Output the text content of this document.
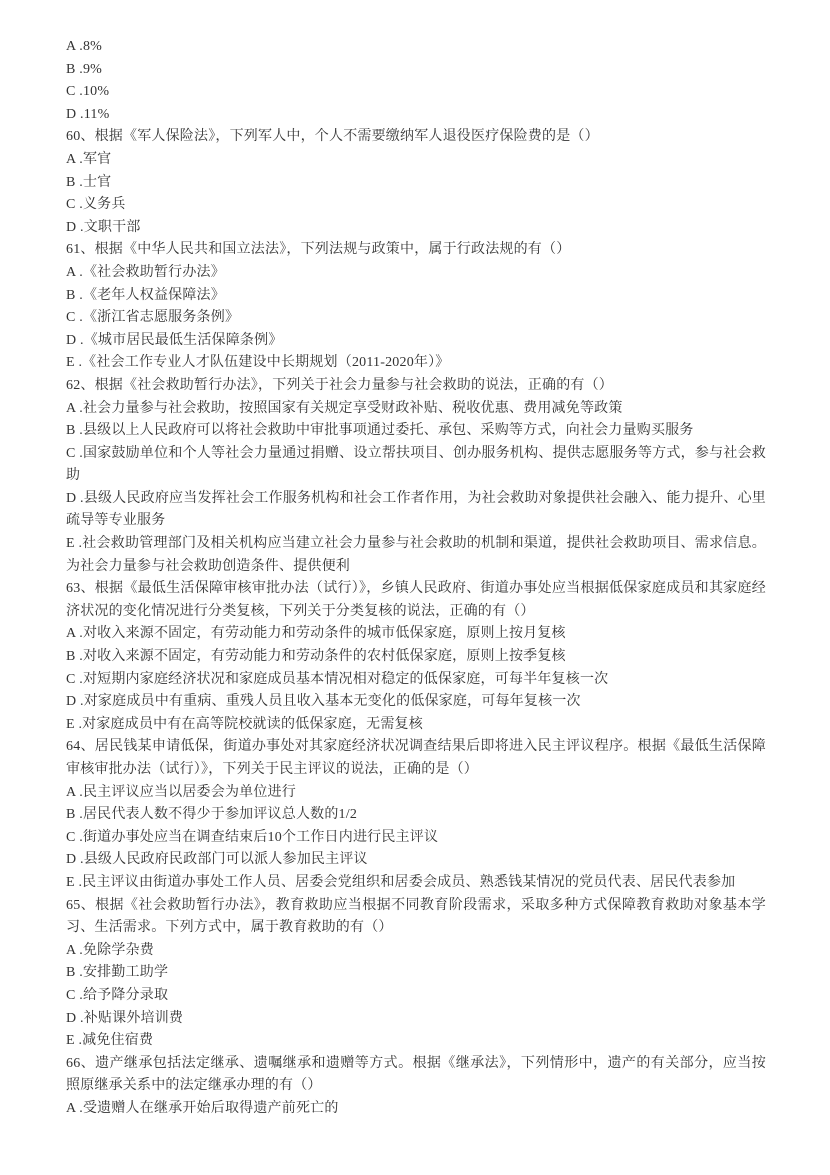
A .8%

B .9%

C .10%

D .11%

60、根据《军人保险法》，下列军人中，个人不需要缴纳军人退役医疗保险费的是（）

A .军官

B .士官

C .义务兵

D .文职干部

61、根据《中华人民共和国立法法》，下列法规与政策中，属于行政法规的有（）

A .《社会救助暂行办法》

B .《老年人权益保障法》

C .《浙江省志愿服务条例》

D .《城市居民最低生活保障条例》

E .《社会工作专业人才队伍建设中长期规划（2011-2020年）》

62、根据《社会救助暂行办法》，下列关于社会力量参与社会救助的说法，正确的有（）

A .社会力量参与社会救助，按照国家有关规定享受财政补贴、税收优惠、费用减免等政策

B .县级以上人民政府可以将社会救助中审批事项通过委托、承包、采购等方式，向社会力量购买服务

C .国家鼓励单位和个人等社会力量通过捐赠、设立帮扶项目、创办服务机构、提供志愿服务等方式，参与社会救助

D .县级人民政府应当发挥社会工作服务机构和社会工作者作用，为社会救助对象提供社会融入、能力提升、心里疏导等专业服务

E .社会救助管理部门及相关机构应当建立社会力量参与社会救助的机制和渠道，提供社会救助项目、需求信息。为社会力量参与社会救助创造条件、提供便利

63、根据《最低生活保障审核审批办法（试行）》，乡镇人民政府、街道办事处应当根据低保家庭成员和其家庭经济状况的变化情况进行分类复核，下列关于分类复核的说法，正确的有（）

A .对收入来源不固定，有劳动能力和劳动条件的城市低保家庭，原则上按月复核

B .对收入来源不固定，有劳动能力和劳动条件的农村低保家庭，原则上按季复核

C .对短期内家庭经济状况和家庭成员基本情况相对稳定的低保家庭，可每半年复核一次

D .对家庭成员中有重病、重残人员且收入基本无变化的低保家庭，可每年复核一次

E .对家庭成员中有在高等院校就读的低保家庭，无需复核

64、居民钱某申请低保，街道办事处对其家庭经济状况调查结果后即将进入民主评议程序。根据《最低生活保障审核审批办法（试行）》，下列关于民主评议的说法，正确的是（）

A .民主评议应当以居委会为单位进行

B .居民代表人数不得少于参加评议总人数的1/2

C .街道办事处应当在调查结束后10个工作日内进行民主评议

D .县级人民政府民政部门可以派人参加民主评议

E .民主评议由街道办事处工作人员、居委会党组织和居委会成员、熟悉钱某情况的党员代表、居民代表参加

65、根据《社会救助暂行办法》，教育救助应当根据不同教育阶段需求，采取多种方式保障教育救助对象基本学习、生活需求。下列方式中，属于教育救助的有（）

A .免除学杂费

B .安排勤工助学

C .给予降分录取

D .补贴课外培训费

E .减免住宿费

66、遗产继承包括法定继承、遗嘱继承和遗赠等方式。根据《继承法》，下列情形中，遗产的有关部分，应当按照原继承关系中的法定继承办理的有（）

A .受遗赠人在继承开始后取得遗产前死亡的
